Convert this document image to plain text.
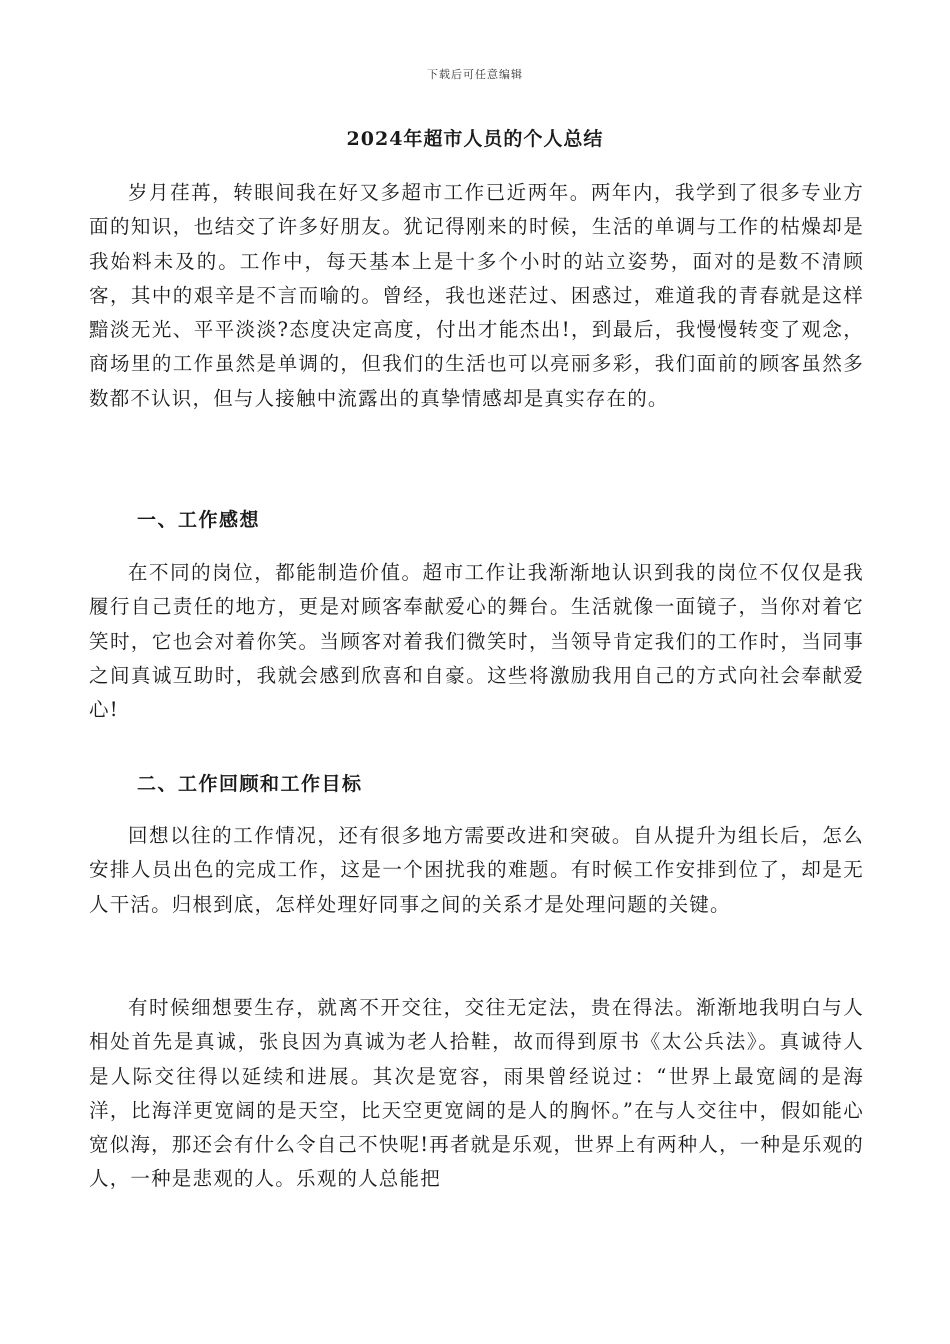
下载后可任意编辑
2024年超市人员的个人总结

岁月荏苒，转眼间我在好又多超市工作已近两年。两年内，我学到了很多专业方面的知识，也结交了许多好朋友。犹记得刚来的时候，生活的单调与工作的枯燥却是我始料未及的。工作中，每天基本上是十多个小时的站立姿势，面对的是数不清顾客，其中的艰辛是不言而喻的。曾经，我也迷茫过、困惑过，难道我的青春就是这样黯淡无光、平平淡淡?态度决定高度，付出才能杰出!，到最后，我慢慢转变了观念，商场里的工作虽然是单调的，但我们的生活也可以亮丽多彩，我们面前的顾客虽然多数都不认识，但与人接触中流露出的真挚情感却是真实存在的。

一、工作感想

在不同的岗位，都能制造价值。超市工作让我渐渐地认识到我的岗位不仅仅是我履行自己责任的地方，更是对顾客奉献爱心的舞台。生活就像一面镜子，当你对着它笑时，它也会对着你笑。当顾客对着我们微笑时，当领导肯定我们的工作时，当同事之间真诚互助时，我就会感到欣喜和自豪。这些将激励我用自己的方式向社会奉献爱心!

二、工作回顾和工作目标

回想以往的工作情况，还有很多地方需要改进和突破。自从提升为组长后，怎么安排人员出色的完成工作，这是一个困扰我的难题。有时候工作安排到位了，却是无人干活。归根到底，怎样处理好同事之间的关系才是处理问题的关键。

有时候细想要生存，就离不开交往，交往无定法，贵在得法。渐渐地我明白与人相处首先是真诚，张良因为真诚为老人拾鞋，故而得到原书《太公兵法》。真诚待人是人际交往得以延续和进展。其次是宽容，雨果曾经说过：“世界上最宽阔的是海洋，比海洋更宽阔的是天空，比天空更宽阔的是人的胸怀。”在与人交往中，假如能心宽似海，那还会有什么令自己不快呢!再者就是乐观，世界上有两种人，一种是乐观的人，一种是悲观的人。乐观的人总能把
